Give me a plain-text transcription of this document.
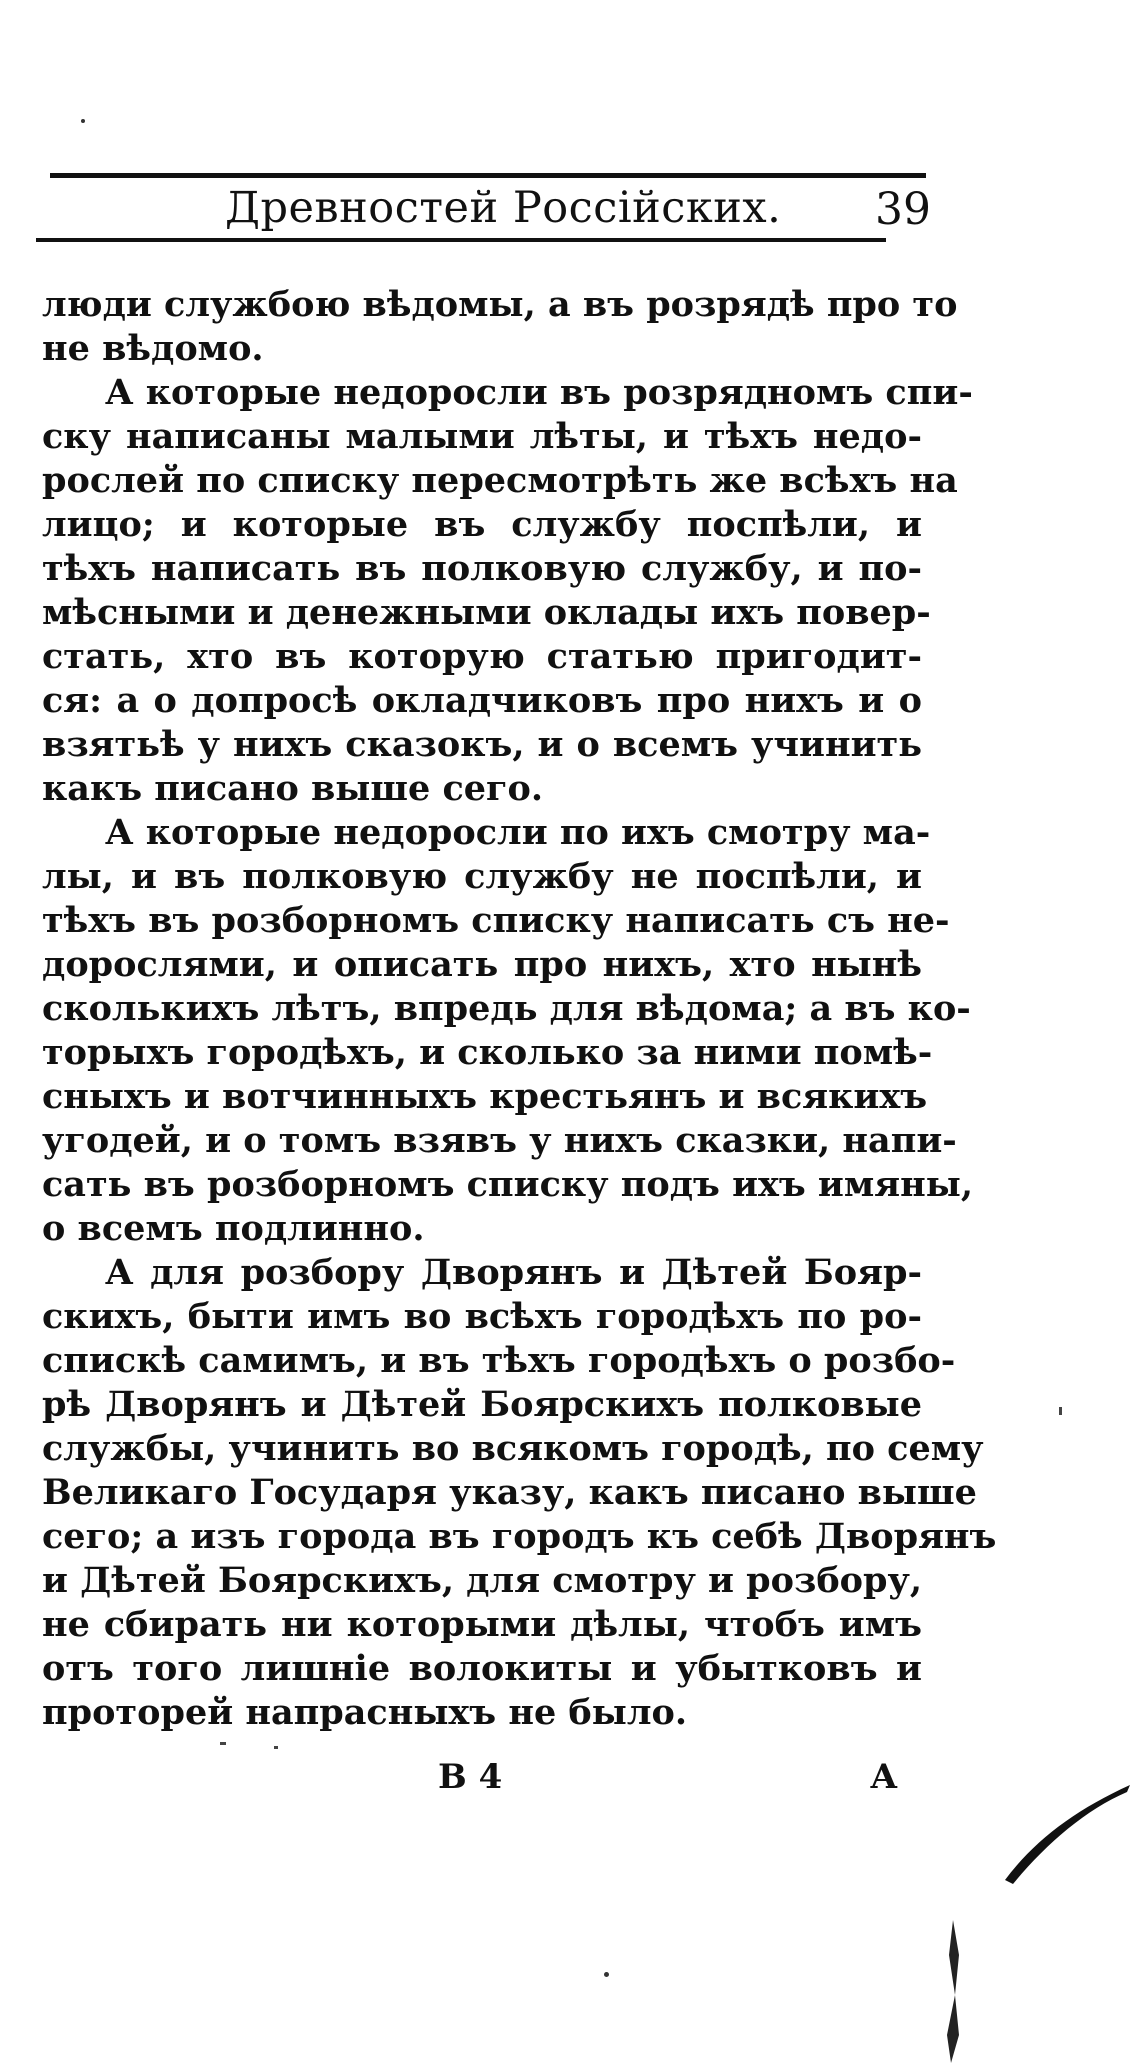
Древностей Россійских. 39
люди службою вѣдомы, а въ розрядѣ про то
не вѣдомо.
А которые недоросли въ розрядномъ спи-
ску написаны малыми лѣты, и тѣхъ недо-
рослей по списку пересмотрѣть же всѣхъ на
лицо; и которые въ службу поспѣли, и
тѣхъ написать въ полковую службу, и по-
мѣсными и денежными оклады ихъ повер-
стать, хто въ которую статью пригодит-
ся: а о допросѣ окладчиковъ про нихъ и о
взятьѣ у нихъ сказокъ, и о всемъ учинить
какъ писано выше сего.
А которые недоросли по ихъ смотру ма-
лы, и въ полковую службу не поспѣли, и
тѣхъ въ розборномъ списку написать съ не-
дорослями, и описать про нихъ, хто нынѣ
сколькихъ лѣтъ, впредь для вѣдома; а въ ко-
торыхъ городѣхъ, и сколько за ними помѣ-
сныхъ и вотчинныхъ крестьянъ и всякихъ
угодей, и о томъ взявъ у нихъ сказки, напи-
сать въ розборномъ списку подъ ихъ имяны,
о всемъ подлинно.
А для розбору Дворянъ и Дѣтей Бояр-
скихъ, быти имъ во всѣхъ городѣхъ по ро-
спискѣ самимъ, и въ тѣхъ городѣхъ о розбо-
рѣ Дворянъ и Дѣтей Боярскихъ полковые
службы, учинить во всякомъ городѣ, по сему
Великаго Государя указу, какъ писано выше
сего; а изъ города въ городъ къ себѣ Дворянъ
и Дѣтей Боярскихъ, для смотру и розбору,
не сбирать ни которыми дѣлы, чтобъ имъ
отъ того лишніе волокиты и убытковъ и
проторей напрасныхъ не было.
B 4	А
